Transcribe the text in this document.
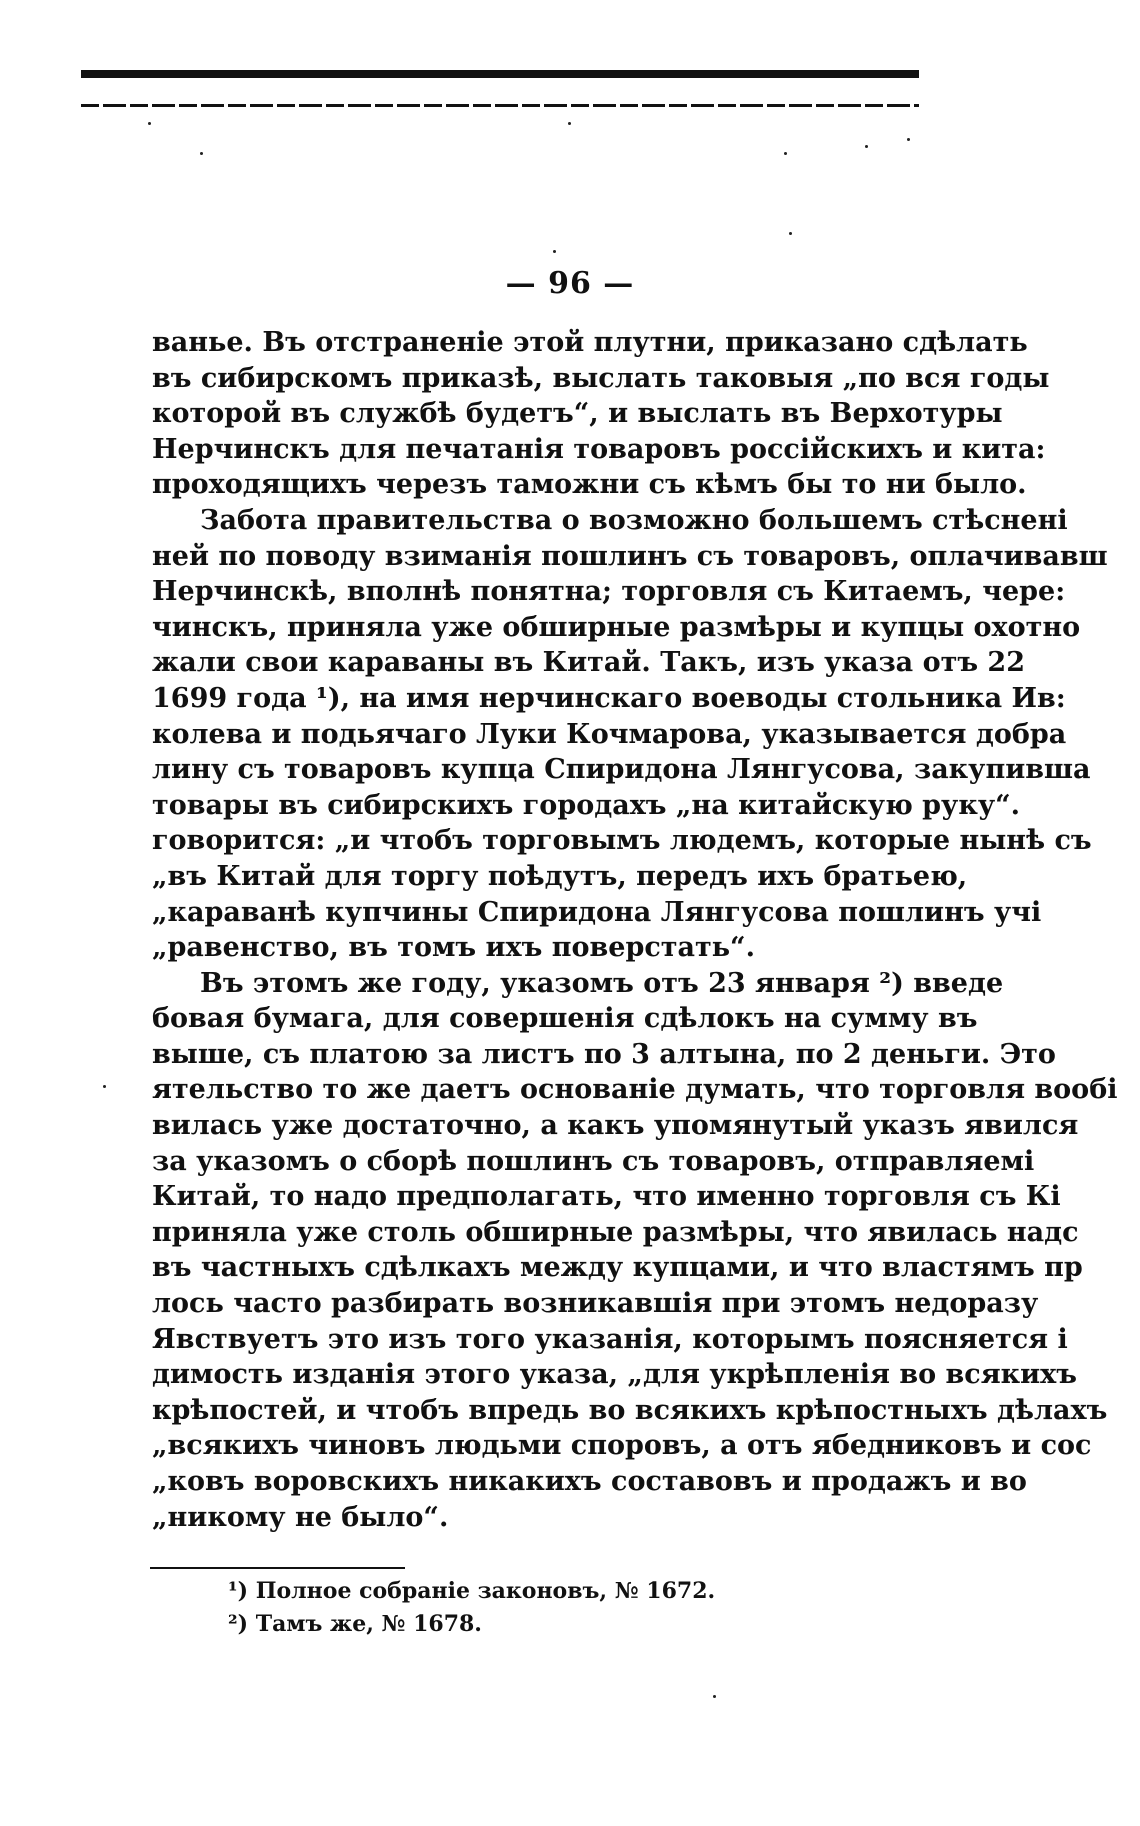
— 96 —
ванье. Въ отстраненіе этой плутни, приказано сдѣлать
въ сибирскомъ приказѣ, выслать таковыя „по вся годы
которой въ службѣ будетъ“, и выслать въ Верхотуры
Нерчинскъ для печатанія товаровъ россійскихъ и кита:
проходящихъ черезъ таможни съ кѣмъ бы то ни было.
Забота правительства о возможно большемъ стѣснені
ней по поводу взиманія пошлинъ съ товаровъ, оплачивавш
Нерчинскѣ, вполнѣ понятна; торговля съ Китаемъ, чере:
чинскъ, приняла уже обширные размѣры и купцы охотно
жали свои караваны въ Китай. Такъ, изъ указа отъ 22
1699 года ¹), на имя нерчинскаго воеводы стольника Ив:
колева и подьячаго Луки Кочмарова, указывается добра
лину съ товаровъ купца Спиридона Лянгусова, закупивша
товары въ сибирскихъ городахъ „на китайскую руку“.
говорится: „и чтобъ торговымъ людемъ, которые нынѣ съ
„въ Китай для торгу поѣдутъ, передъ ихъ братьею,
„караванѣ купчины Спиридона Лянгусова пошлинъ учі
„равенство, въ томъ ихъ поверстать“.
Въ этомъ же году, указомъ отъ 23 января ²) введе
бовая бумага, для совершенія сдѣлокъ на сумму въ
выше, съ платою за листъ по 3 алтына, по 2 деньги. Это
ятельство то же даетъ основаніе думать, что торговля вообі
вилась уже достаточно, а какъ упомянутый указъ явился
за указомъ о сборѣ пошлинъ съ товаровъ, отправляемі
Китай, то надо предполагать, что именно торговля съ Кі
приняла уже столь обширные размѣры, что явилась надс
въ частныхъ сдѣлкахъ между купцами, и что властямъ пр
лось часто разбирать возникавшія при этомъ недоразу
Явствуетъ это изъ того указанія, которымъ поясняется і
димость изданія этого указа, „для укрѣпленія во всякихъ
крѣпостей, и чтобъ впредь во всякихъ крѣпостныхъ дѣлахъ
„всякихъ чиновъ людьми споровъ, а отъ ябедниковъ и сос
„ковъ воровскихъ никакихъ составовъ и продажъ и во
„никому не было“.
¹) Полное собраніе законовъ, № 1672.
²) Тамъ же, № 1678.
